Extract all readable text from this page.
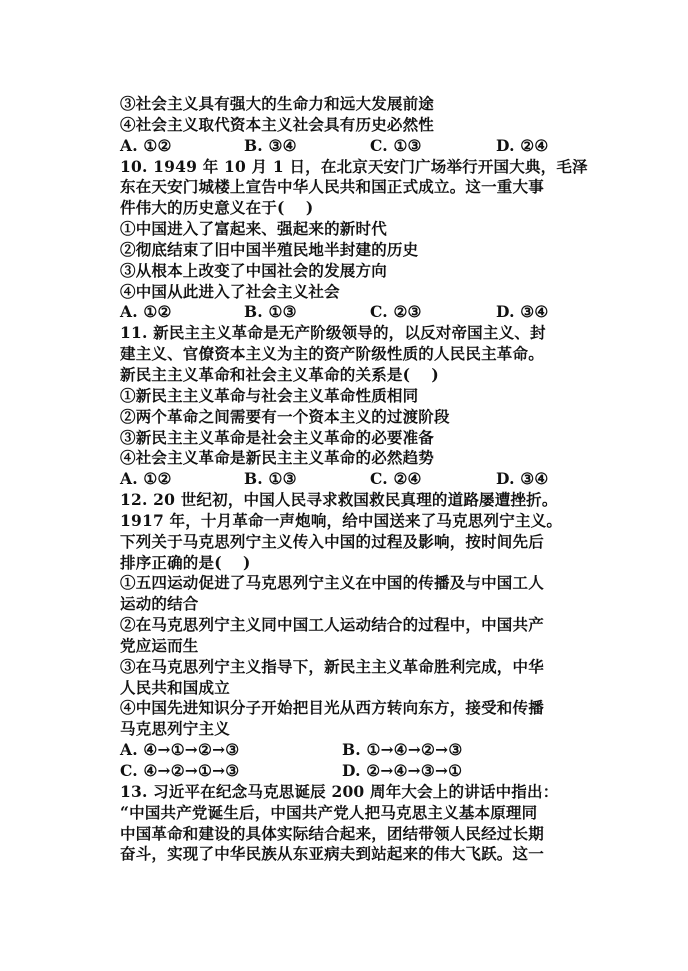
③社会主义具有强大的生命力和远大发展前途
④社会主义取代资本主义社会具有历史必然性
A. ①②	B. ③④	C. ①③	D. ②④
10. 1949 年 10 月 1 日，在北京天安门广场举行开国大典，毛泽
东在天安门城楼上宣告中华人民共和国正式成立。这一重大事
件伟大的历史意义在于(　 )
①中国进入了富起来、强起来的新时代
②彻底结束了旧中国半殖民地半封建的历史
③从根本上改变了中国社会的发展方向
④中国从此进入了社会主义社会
A. ①②	B. ①③	C. ②③	D. ③④
11. 新民主主义革命是无产阶级领导的，以反对帝国主义、封
建主义、官僚资本主义为主的资产阶级性质的人民民主革命。
新民主主义革命和社会主义革命的关系是(　 )
①新民主主义革命与社会主义革命性质相同
②两个革命之间需要有一个资本主义的过渡阶段
③新民主主义革命是社会主义革命的必要准备
④社会主义革命是新民主主义革命的必然趋势
A. ①②	B. ①③	C. ②④	D. ③④
12. 20 世纪初，中国人民寻求救国救民真理的道路屡遭挫折。
1917 年，十月革命一声炮响，给中国送来了马克思列宁主义。
下列关于马克思列宁主义传入中国的过程及影响，按时间先后
排序正确的是(　 )
①五四运动促进了马克思列宁主义在中国的传播及与中国工人
运动的结合
②在马克思列宁主义同中国工人运动结合的过程中，中国共产
党应运而生
③在马克思列宁主义指导下，新民主主义革命胜利完成，中华
人民共和国成立
④中国先进知识分子开始把目光从西方转向东方，接受和传播
马克思列宁主义
A. ④→①→②→③	B. ①→④→②→③
C. ④→②→①→③	D. ②→④→③→①
13. 习近平在纪念马克思诞辰 200 周年大会上的讲话中指出：
“中国共产党诞生后，中国共产党人把马克思主义基本原理同
中国革命和建设的具体实际结合起来，团结带领人民经过长期
奋斗，实现了中华民族从东亚病夫到站起来的伟大飞跃。这一
